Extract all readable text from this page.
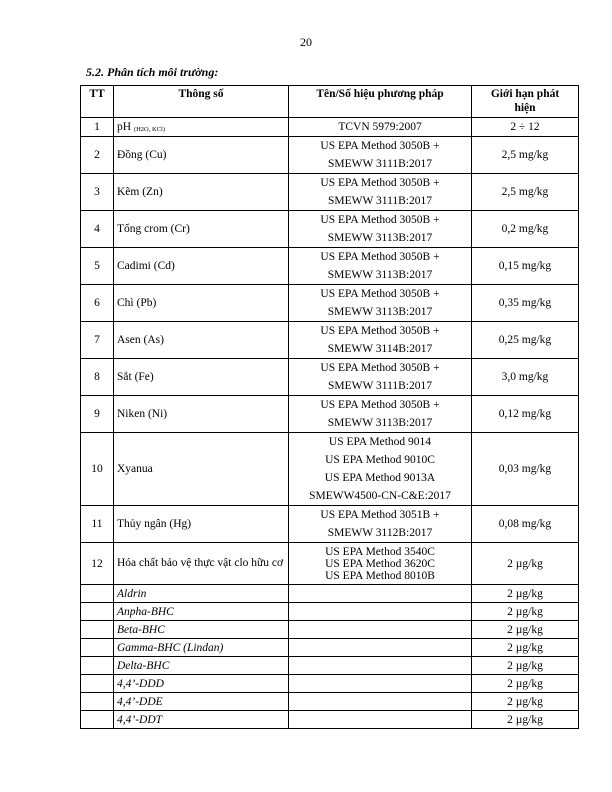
20
5.2. Phân tích môi trường:
TT	Thông số	Tên/Số hiệu phương pháp	Giới hạn phát
hiện

1	pH (H2O, KCl)	TCVN 5979:2007	2 ÷ 12
2	Đồng (Cu)	US EPA Method 3050B +
SMEWW 3111B:2017	2,5 mg/kg
3	Kẽm (Zn)	US EPA Method 3050B +
SMEWW 3111B:2017	2,5 mg/kg
4	Tổng crom (Cr)	US EPA Method 3050B +
SMEWW 3113B:2017	0,2 mg/kg
5	Cadimi (Cd)	US EPA Method 3050B +
SMEWW 3113B:2017	0,15 mg/kg
6	Chì (Pb)	US EPA Method 3050B +
SMEWW 3113B:2017	0,35 mg/kg
7	Asen (As)	US EPA Method 3050B +
SMEWW 3114B:2017	0,25 mg/kg
8	Sắt (Fe)	US EPA Method 3050B +
SMEWW 3111B:2017	3,0 mg/kg
9	Niken (Ni)	US EPA Method 3050B +
SMEWW 3113B:2017	0,12 mg/kg
10	Xyanua	US EPA Method 9014
US EPA Method 9010C
US EPA Method 9013A
SMEWW4500-CN-C&E:2017	0,03 mg/kg
11	Thủy ngân (Hg)	US EPA Method 3051B +
SMEWW 3112B:2017	0,08 mg/kg
12	Hóa chất bảo vệ thực vật clo hữu cơ	US EPA Method 3540C
US EPA Method 3620C
US EPA Method 8010B	2 µg/kg
	Aldrin		2 µg/kg
	Anpha-BHC		2 µg/kg
	Beta-BHC		2 µg/kg
	Gamma-BHC (Lindan)		2 µg/kg
	Delta-BHC		2 µg/kg
	4,4’-DDD		2 µg/kg
	4,4’-DDE		2 µg/kg
	4,4’-DDT		2 µg/kg
